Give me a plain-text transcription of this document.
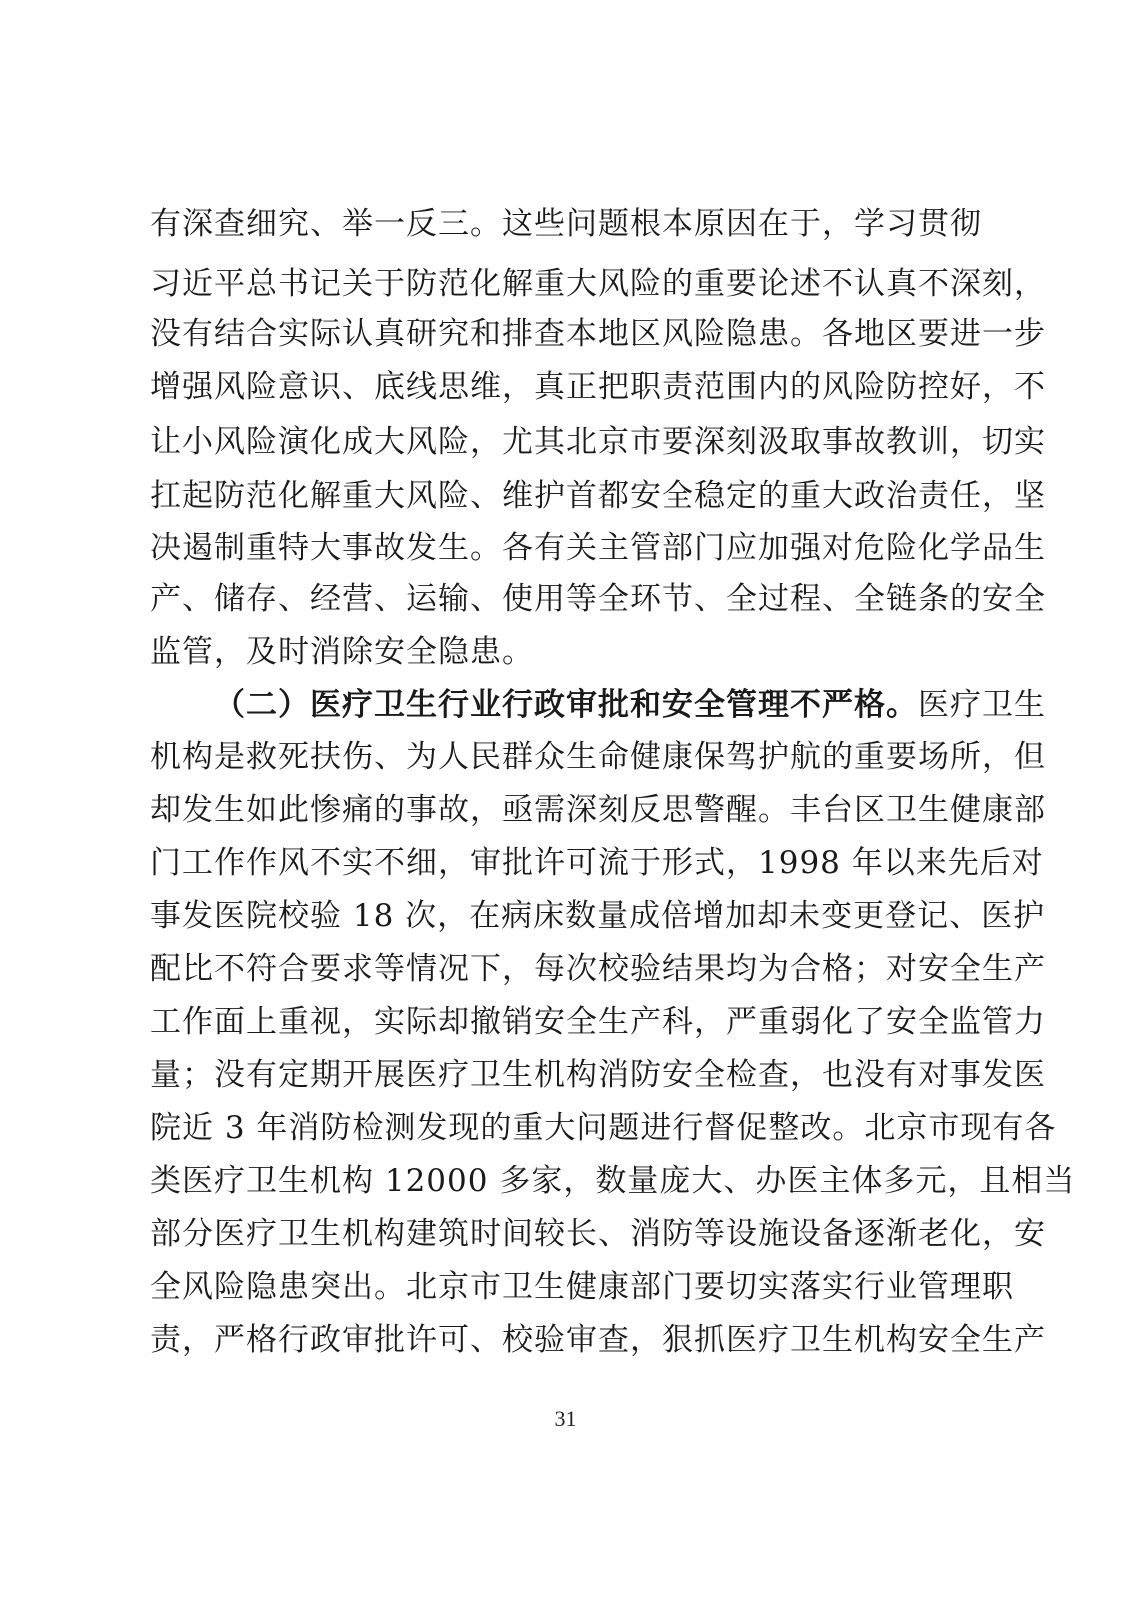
有深查细究、举一反三。这些问题根本原因在于，学习贯彻
习近平总书记关于防范化解重大风险的重要论述不认真不深刻，
没有结合实际认真研究和排查本地区风险隐患。各地区要进一步
增强风险意识、底线思维，真正把职责范围内的风险防控好，不
让小风险演化成大风险，尤其北京市要深刻汲取事故教训，切实
扛起防范化解重大风险、维护首都安全稳定的重大政治责任，坚
决遏制重特大事故发生。各有关主管部门应加强对危险化学品生
产、储存、经营、运输、使用等全环节、全过程、全链条的安全
监管，及时消除安全隐患。
（二）医疗卫生行业行政审批和安全管理不严格。医疗卫生
机构是救死扶伤、为人民群众生命健康保驾护航的重要场所，但
却发生如此惨痛的事故，亟需深刻反思警醒。丰台区卫生健康部
门工作作风不实不细，审批许可流于形式，1998 年以来先后对
事发医院校验 18 次，在病床数量成倍增加却未变更登记、医护
配比不符合要求等情况下，每次校验结果均为合格；对安全生产
工作面上重视，实际却撤销安全生产科，严重弱化了安全监管力
量；没有定期开展医疗卫生机构消防安全检查，也没有对事发医
院近 3 年消防检测发现的重大问题进行督促整改。北京市现有各
类医疗卫生机构 12000 多家，数量庞大、办医主体多元，且相当
部分医疗卫生机构建筑时间较长、消防等设施设备逐渐老化，安
全风险隐患突出。北京市卫生健康部门要切实落实行业管理职
责，严格行政审批许可、校验审查，狠抓医疗卫生机构安全生产
31
